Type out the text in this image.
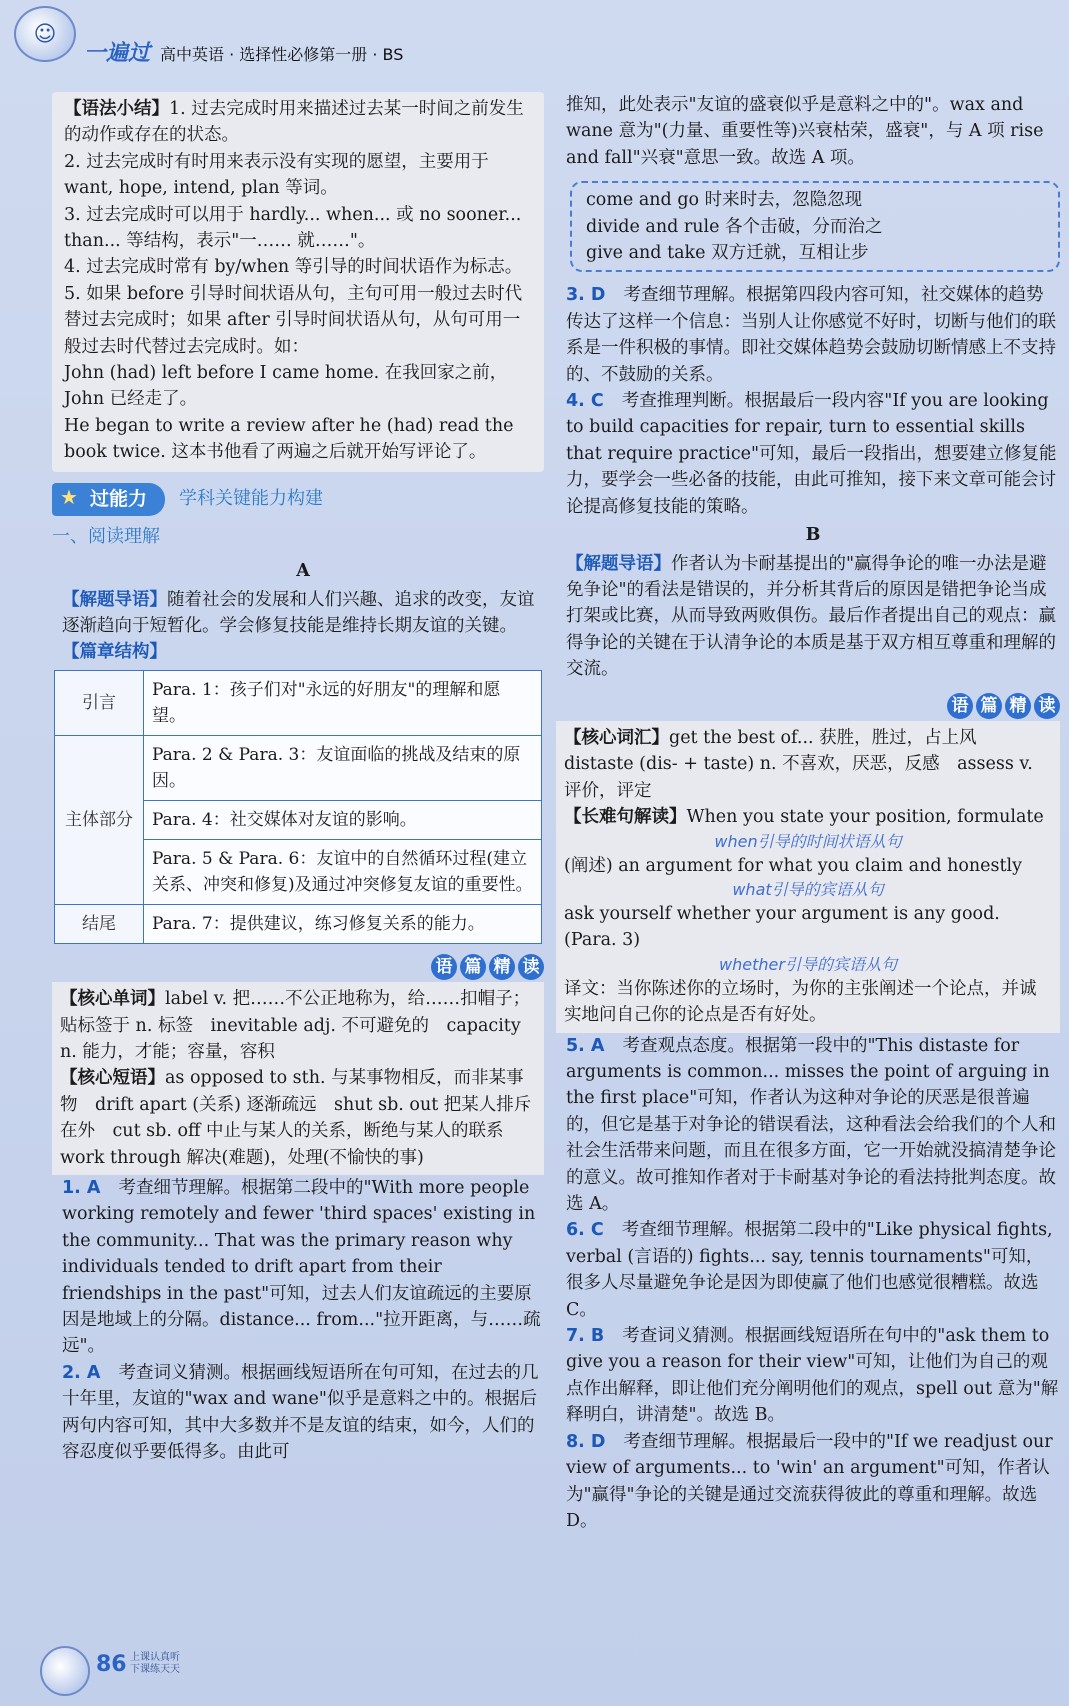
☺
一遍过 高中英语 · 选择性必修第一册 · BS

【语法小结】1. 过去完成时用来描述过去某一时间之前发生的动作或存在的状态。

2. 过去完成时有时用来表示没有实现的愿望，主要用于 want, hope, intend, plan 等词。

3. 过去完成时可以用于 hardly... when... 或 no sooner... than... 等结构，表示"一…… 就……"。

4. 过去完成时常有 by/when 等引导的时间状语作为标志。

5. 如果 before 引导时间状语从句，主句可用一般过去时代替过去完成时；如果 after 引导时间状语从句，从句可用一般过去时代替过去完成时。如：

John (had) left before I came home. 在我回家之前，John 已经走了。

He began to write a review after he (had) read the book twice. 这本书他看了两遍之后就开始写评论了。

★ 过能力	学科关键能力构建
一、阅读理解
A

【解题导语】随着社会的发展和人们兴趣、追求的改变，友谊逐渐趋向于短暂化。学会修复技能是维持长期友谊的关键。

【篇章结构】

引言	Para. 1：孩子们对"永远的好朋友"的理解和愿望。
主体部分	Para. 2 & Para. 3：友谊面临的挑战及结束的原因。
	Para. 4：社交媒体对友谊的影响。
	Para. 5 & Para. 6：友谊中的自然循环过程(建立关系、冲突和修复)及通过冲突修复友谊的重要性。
结尾	Para. 7：提供建议，练习修复关系的能力。
语 篇 精 读

【核心单词】label v. 把……不公正地称为，给……扣帽子；贴标签于 n. 标签　inevitable adj. 不可避免的　capacity n. 能力，才能；容量，容积

【核心短语】as opposed to sth. 与某事物相反，而非某事物　drift apart (关系) 逐渐疏远　shut sb. out 把某人排斥在外　cut sb. off 中止与某人的关系，断绝与某人的联系　work through 解决(难题)，处理(不愉快的事)

1. A 考查细节理解。根据第二段中的"With more people working remotely and fewer 'third spaces' existing in the community... That was the primary reason why individuals tended to drift apart from their friendships in the past"可知，过去人们友谊疏远的主要原因是地域上的分隔。distance... from..."拉开距离，与……疏远"。

2. A 考查词义猜测。根据画线短语所在句可知，在过去的几十年里，友谊的"wax and wane"似乎是意料之中的。根据后两句内容可知，其中大多数并不是友谊的结束，如今，人们的容忍度似乎要低得多。由此可

推知，此处表示"友谊的盛衰似乎是意料之中的"。wax and wane 意为"(力量、重要性等)兴衰枯荣，盛衰"，与 A 项 rise and fall"兴衰"意思一致。故选 A 项。

come and go 时来时去，忽隐忽现

divide and rule 各个击破，分而治之

give and take 双方迁就，互相让步

3. D 考查细节理解。根据第四段内容可知，社交媒体的趋势传达了这样一个信息：当别人让你感觉不好时，切断与他们的联系是一件积极的事情。即社交媒体趋势会鼓励切断情感上不支持的、不鼓励的关系。

4. C 考查推理判断。根据最后一段内容"If you are looking to build capacities for repair, turn to essential skills that require practice"可知，最后一段指出，想要建立修复能力，要学会一些必备的技能，由此可推知，接下来文章可能会讨论提高修复技能的策略。

B

【解题导语】作者认为卡耐基提出的"赢得争论的唯一办法是避免争论"的看法是错误的，并分析其背后的原因是错把争论当成打架或比赛，从而导致两败俱伤。最后作者提出自己的观点：赢得争论的关键在于认清争论的本质是基于双方相互尊重和理解的交流。

语 篇 精 读

【核心词汇】get the best of... 获胜，胜过，占上风　distaste (dis- + taste) n. 不喜欢，厌恶，反感　assess v. 评价，评定

【长难句解读】When you state your position, formulate

when引导的时间状语从句

(阐述) an argument for what you claim and honestly

what引导的宾语从句

ask yourself whether your argument is any good. (Para. 3)

whether引导的宾语从句

译文：当你陈述你的立场时，为你的主张阐述一个论点，并诚实地问自己你的论点是否有好处。

5. A 考查观点态度。根据第一段中的"This distaste for arguments is common... misses the point of arguing in the first place"可知，作者认为这种对争论的厌恶是很普遍的，但它是基于对争论的错误看法，这种看法会给我们的个人和社会生活带来问题，而且在很多方面，它一开始就没搞清楚争论的意义。故可推知作者对于卡耐基对争论的看法持批判态度。故选 A。

6. C 考查细节理解。根据第二段中的"Like physical fights, verbal (言语的) fights... say, tennis tournaments"可知，很多人尽量避免争论是因为即使赢了他们也感觉很糟糕。故选 C。

7. B 考查词义猜测。根据画线短语所在句中的"ask them to give you a reason for their view"可知，让他们为自己的观点作出解释，即让他们充分阐明他们的观点，spell out 意为"解释明白，讲清楚"。故选 B。

8. D 考查细节理解。根据最后一段中的"If we readjust our view of arguments... to 'win' an argument"可知，作者认为"赢得"争论的关键是通过交流获得彼此的尊重和理解。故选 D。

86 上课认真听
下课练天天
